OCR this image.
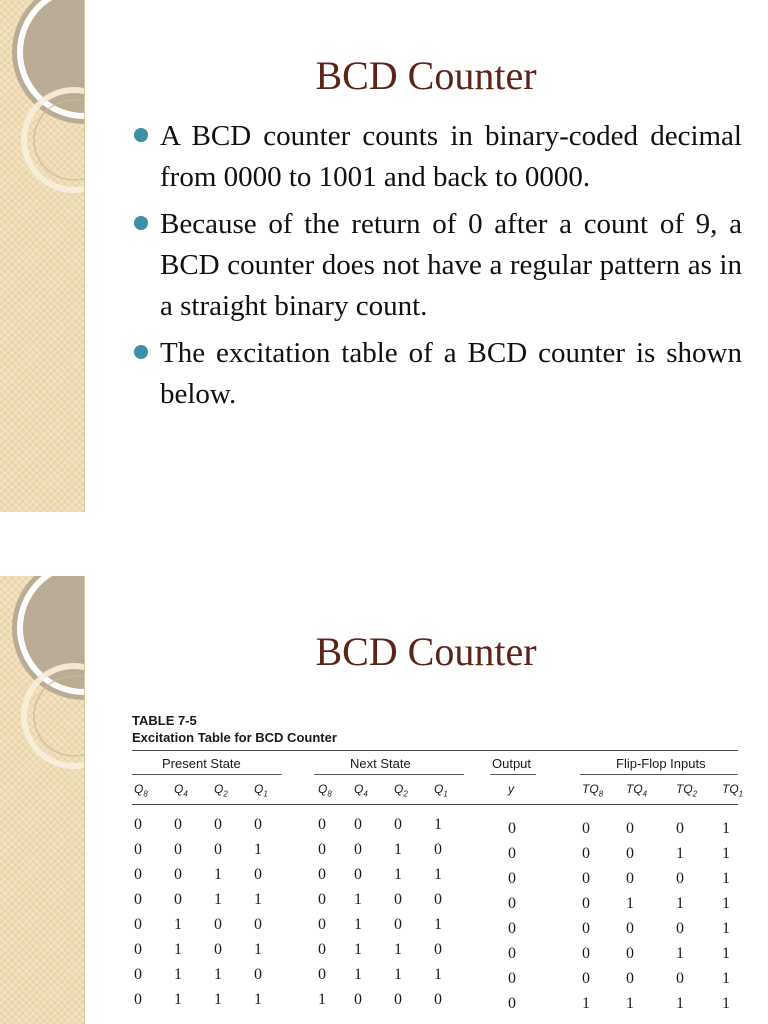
BCD Counter
A BCD counter counts in binary-coded decimal from 0000 to 1001 and back to 0000.
Because of the return of 0 after a count of 9, a BCD counter does not have a regular pattern as in a straight binary count.
The excitation table of a BCD counter is shown below.
BCD Counter
TABLE 7-5
Excitation Table for BCD Counter
Present State	Next State	Output	Flip-Flop Inputs
$Q_8$ $Q_4$ $Q_2$ $Q_1$	$Q_8$ $Q_4$ $Q_2$ $Q_1$	y	$TQ_8$ $TQ_4$ $TQ_2$ $TQ_1$
0 0 0 0	0 0 0 1	0	0 0	0 1
0 0 0 1	0 0 1 0	0	0 0	1 1
0 0 1 0	0 0 1 1	0	0 0	0 1
0 0 1 1	0 1 0 0	0	0 1	1 1
0 1 0 0	0 1 0 1	0	0 0	0 1
0 1 0 1	0 1 1 0	0	0 0	1 1
0 1 1 0	0 1 1 1	0	0 0	0 1
0 1 1 1	1 0 0 0	0	1 1	1 1
